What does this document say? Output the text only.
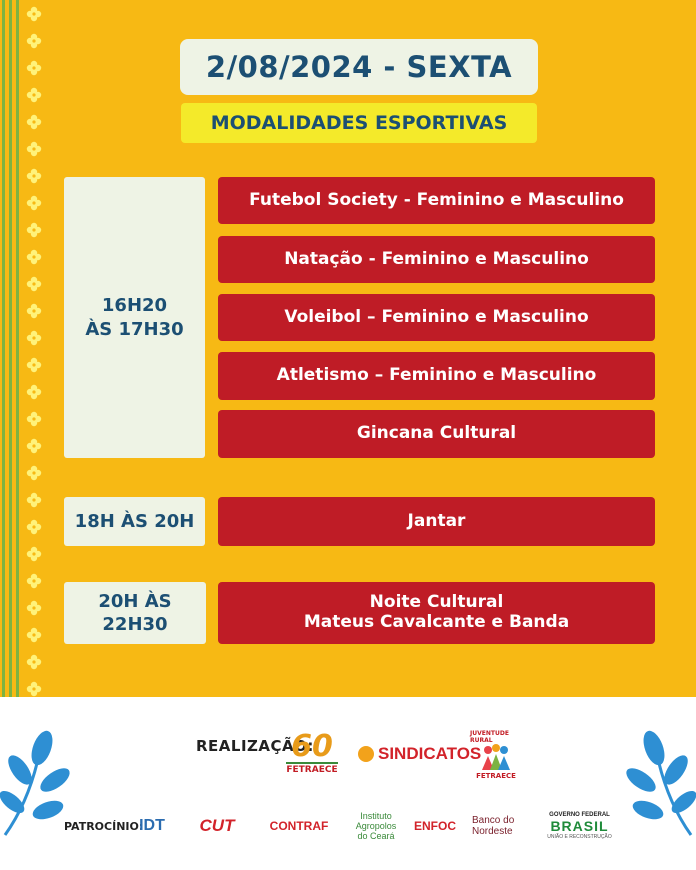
2/08/2024 - SEXTA
MODALIDADES ESPORTIVAS
16H20
ÀS 17H30
Futebol Society - Feminino e Masculino
Natação - Feminino e Masculino
Voleibol – Feminino e Masculino
Atletismo – Feminino e Masculino
Gincana Cultural
18H ÀS 20H	Jantar
20H ÀS
22H30
Noite Cultural
Mateus Cavalcante e Banda
REALIZAÇÃO:
60
FETRAECE
SINDICATOS
JUVENTUDE RURAL
FETRAECE
PATROCÍNIO:
IDT CUT	CONTRAF
Instituto
Agropolos
do Ceará
ENFOC Banco do Nordeste
GOVERNO FEDERAL
BRASIL
UNIÃO E RECONSTRUÇÃO
